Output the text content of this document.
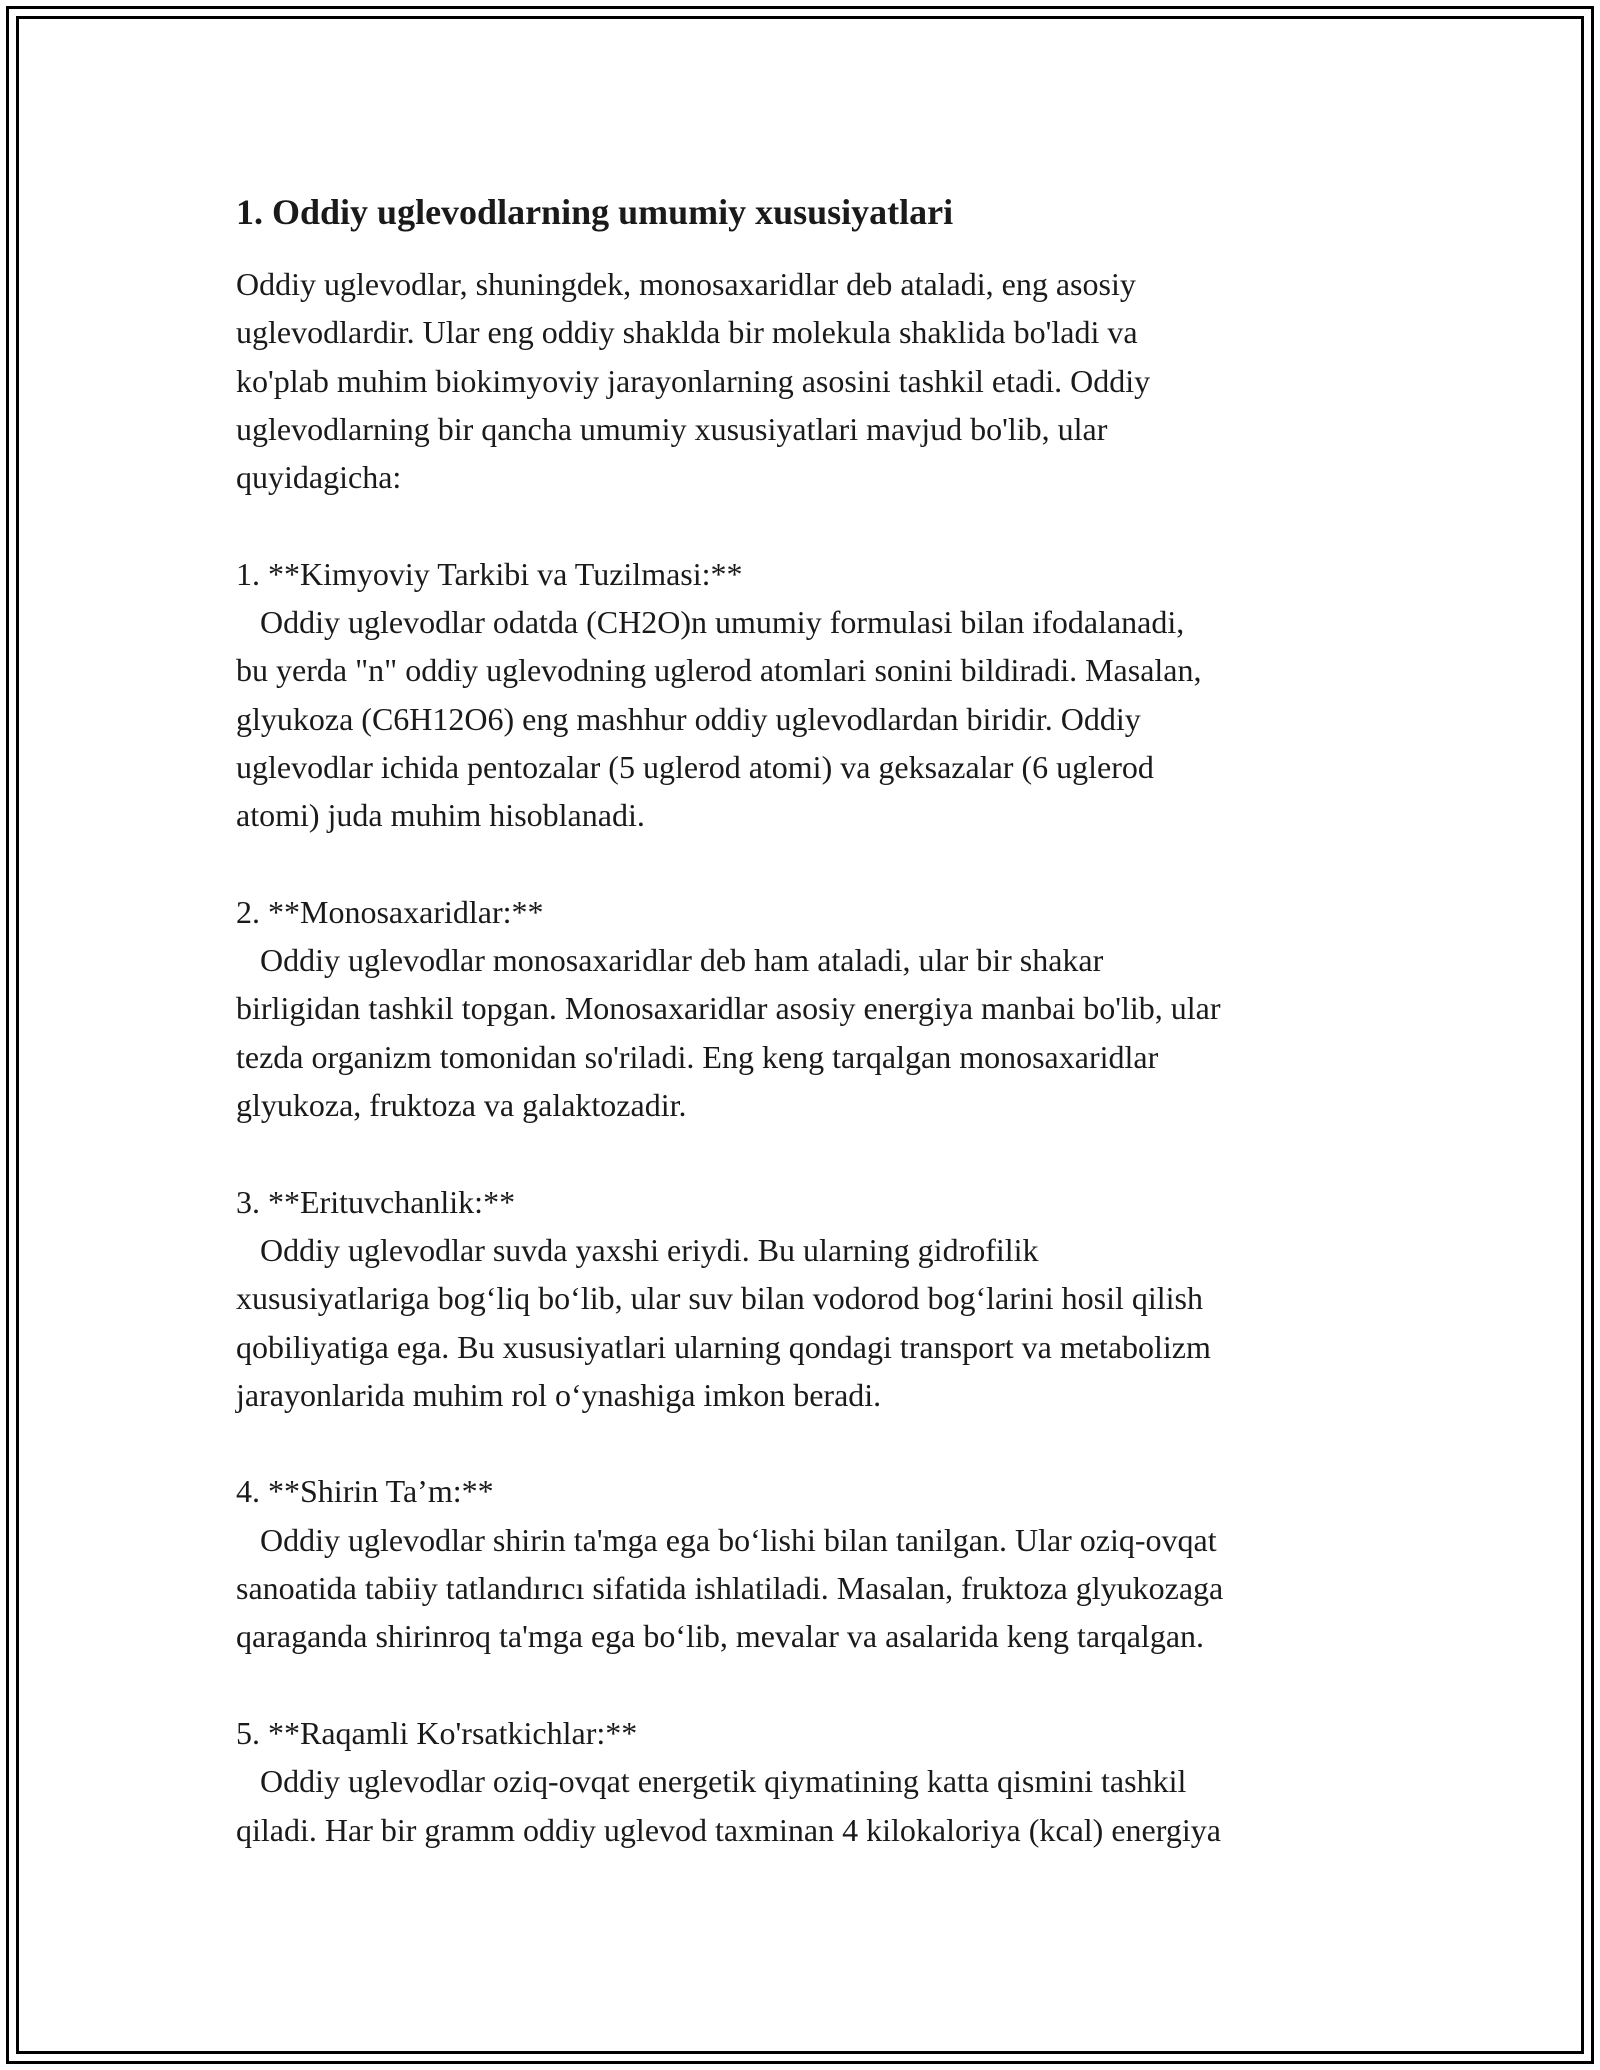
1. Oddiy uglevodlarning umumiy xususiyatlari
Oddiy uglevodlar, shuningdek, monosaxaridlar deb ataladi, eng asosiy
uglevodlardir. Ular eng oddiy shaklda bir molekula shaklida bo'ladi va
ko'plab muhim biokimyoviy jarayonlarning asosini tashkil etadi. Oddiy
uglevodlarning bir qancha umumiy xususiyatlari mavjud bo'lib, ular
quyidagicha:
1. **Kimyoviy Tarkibi va Tuzilmasi:**
Oddiy uglevodlar odatda (CH2O)n umumiy formulasi bilan ifodalanadi,
bu yerda "n" oddiy uglevodning uglerod atomlari sonini bildiradi. Masalan,
glyukoza (C6H12O6) eng mashhur oddiy uglevodlardan biridir. Oddiy
uglevodlar ichida pentozalar (5 uglerod atomi) va geksazalar (6 uglerod
atomi) juda muhim hisoblanadi.
2. **Monosaxaridlar:**
Oddiy uglevodlar monosaxaridlar deb ham ataladi, ular bir shakar
birligidan tashkil topgan. Monosaxaridlar asosiy energiya manbai bo'lib, ular
tezda organizm tomonidan so'riladi. Eng keng tarqalgan monosaxaridlar
glyukoza, fruktoza va galaktozadir.
3. **Erituvchanlik:**
Oddiy uglevodlar suvda yaxshi eriydi. Bu ularning gidrofilik
xususiyatlariga bog‘liq bo‘lib, ular suv bilan vodorod bog‘larini hosil qilish
qobiliyatiga ega. Bu xususiyatlari ularning qondagi transport va metabolizm
jarayonlarida muhim rol o‘ynashiga imkon beradi.
4. **Shirin Ta’m:**
Oddiy uglevodlar shirin ta'mga ega bo‘lishi bilan tanilgan. Ular oziq-ovqat
sanoatida tabiiy tatlandırıcı sifatida ishlatiladi. Masalan, fruktoza glyukozaga
qaraganda shirinroq ta'mga ega bo‘lib, mevalar va asalarida keng tarqalgan.
5. **Raqamli Ko'rsatkichlar:**
Oddiy uglevodlar oziq-ovqat energetik qiymatining katta qismini tashkil
qiladi. Har bir gramm oddiy uglevod taxminan 4 kilokaloriya (kcal) energiya
